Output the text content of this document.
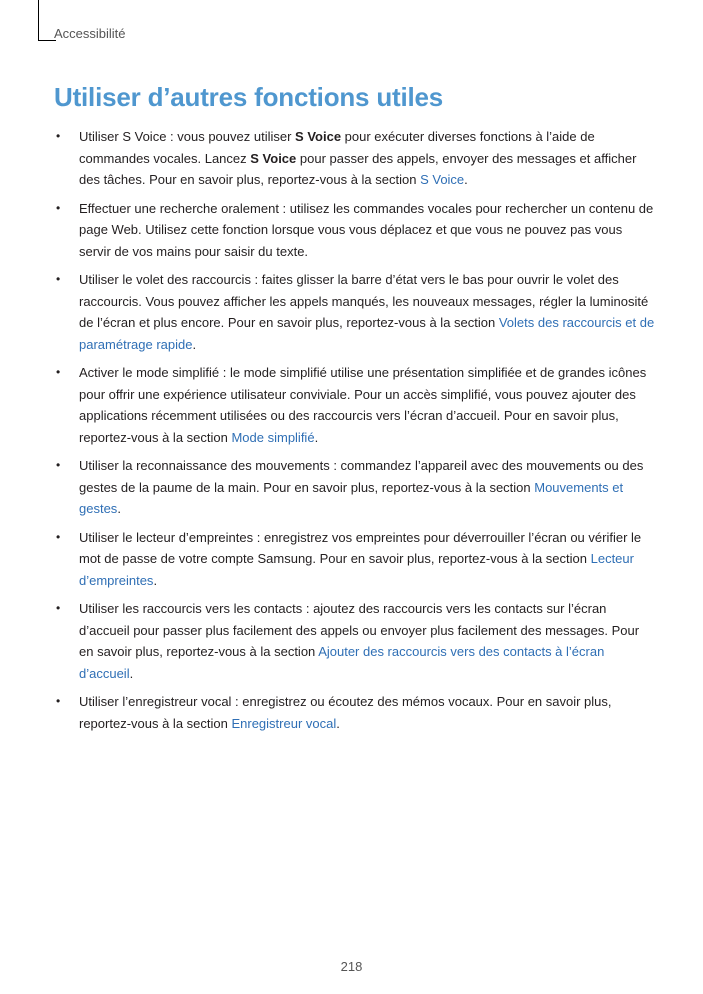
Accessibilité
Utiliser d’autres fonctions utiles
• Utiliser S Voice : vous pouvez utiliser S Voice pour exécuter diverses fonctions à l’aide de commandes vocales. Lancez S Voice pour passer des appels, envoyer des messages et afficher des tâches. Pour en savoir plus, reportez-vous à la section S Voice.
• Effectuer une recherche oralement : utilisez les commandes vocales pour rechercher un contenu de page Web. Utilisez cette fonction lorsque vous vous déplacez et que vous ne pouvez pas vous servir de vos mains pour saisir du texte.
• Utiliser le volet des raccourcis : faites glisser la barre d’état vers le bas pour ouvrir le volet des raccourcis. Vous pouvez afficher les appels manqués, les nouveaux messages, régler la luminosité de l’écran et plus encore. Pour en savoir plus, reportez-vous à la section Volets des raccourcis et de paramétrage rapide.
• Activer le mode simplifié : le mode simplifié utilise une présentation simplifiée et de grandes icônes pour offrir une expérience utilisateur conviviale. Pour un accès simplifié, vous pouvez ajouter des applications récemment utilisées ou des raccourcis vers l’écran d’accueil. Pour en savoir plus, reportez-vous à la section Mode simplifié.
• Utiliser la reconnaissance des mouvements : commandez l’appareil avec des mouvements ou des gestes de la paume de la main. Pour en savoir plus, reportez-vous à la section Mouvements et gestes.
• Utiliser le lecteur d’empreintes : enregistrez vos empreintes pour déverrouiller l’écran ou vérifier le mot de passe de votre compte Samsung. Pour en savoir plus, reportez-vous à la section Lecteur d’empreintes.
• Utiliser les raccourcis vers les contacts : ajoutez des raccourcis vers les contacts sur l’écran d’accueil pour passer plus facilement des appels ou envoyer plus facilement des messages. Pour en savoir plus, reportez-vous à la section Ajouter des raccourcis vers des contacts à l’écran d’accueil.
• Utiliser l’enregistreur vocal : enregistrez ou écoutez des mémos vocaux. Pour en savoir plus, reportez-vous à la section Enregistreur vocal.
218
